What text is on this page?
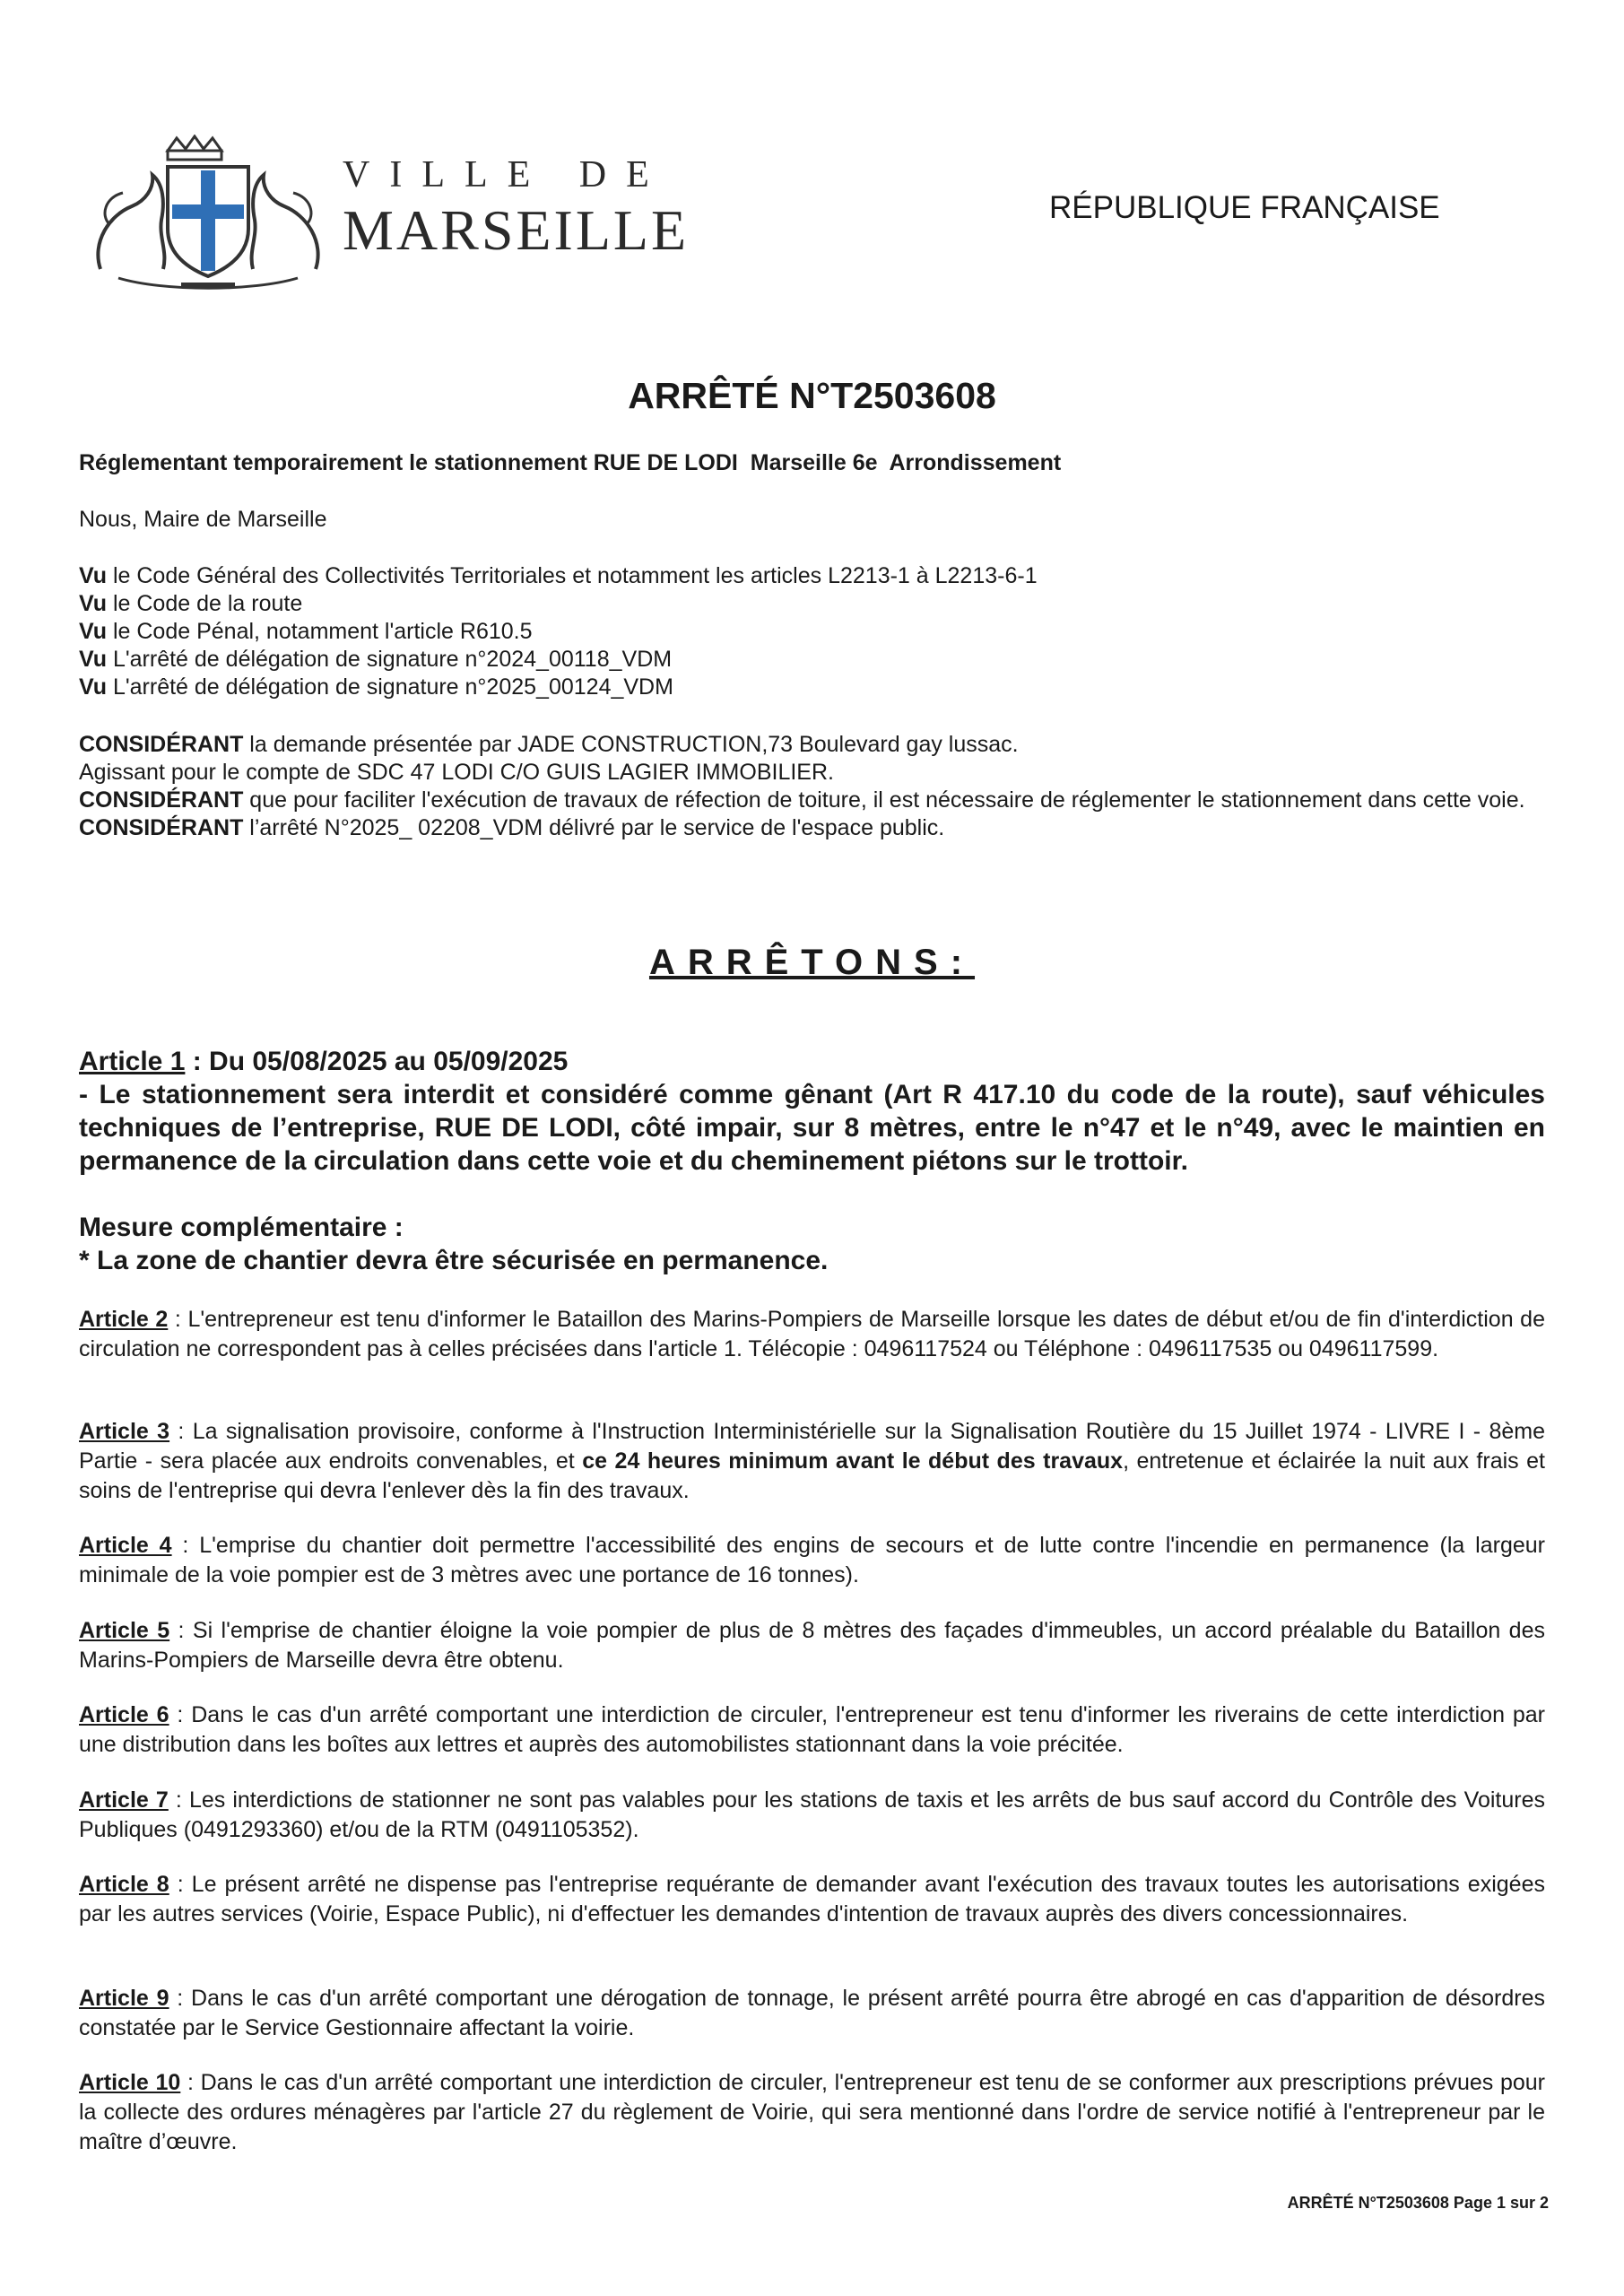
VILLE DE
MARSEILLE	RÉPUBLIQUE FRANÇAISE
ARRÊTÉ N°T2503608
Réglementant temporairement le stationnement RUE DE LODI  Marseille 6e  Arrondissement
Nous, Maire de Marseille

Vu le Code Général des Collectivités Territoriales et notamment les articles L2213-1 à L2213-6-1

Vu le Code de la route

Vu le Code Pénal, notamment l'article R610.5

Vu L'arrêté de délégation de signature n°2024_00118_VDM

Vu L'arrêté de délégation de signature n°2025_00124_VDM

CONSIDÉRANT la demande présentée par JADE CONSTRUCTION,73 Boulevard gay lussac.

Agissant pour le compte de SDC 47 LODI C/O GUIS LAGIER IMMOBILIER.

CONSIDÉRANT que pour faciliter l'exécution de travaux de réfection de toiture, il est nécessaire de réglementer le stationnement dans cette voie.

CONSIDÉRANT l’arrêté N°2025_ 02208_VDM délivré par le service de l'espace public.

ARRÊTONS:
Article 1 : Du 05/08/2025 au 05/09/2025
- Le stationnement sera interdit et considéré comme gênant (Art R 417.10 du code de la route), sauf véhicules techniques de l’entreprise, RUE DE LODI, côté impair, sur 8 mètres, entre le n°47 et le n°49, avec le maintien en permanence de la circulation dans cette voie et du cheminement piétons sur le trottoir.
Mesure complémentaire :
* La zone de chantier devra être sécurisée en permanence.
Article 2 : L'entrepreneur est tenu d'informer le Bataillon des Marins-Pompiers de Marseille lorsque les dates de début et/ou de fin d'interdiction de circulation ne correspondent pas à celles précisées dans l'article 1. Télécopie : 0496117524 ou Téléphone : 0496117535 ou 0496117599.
Article 3 : La signalisation provisoire, conforme à l'Instruction Interministérielle sur la Signalisation Routière du 15 Juillet 1974 - LIVRE I - 8ème Partie - sera placée aux endroits convenables, et ce 24 heures minimum avant le début des travaux, entretenue et éclairée la nuit aux frais et soins de l'entreprise qui devra l'enlever dès la fin des travaux.
Article 4 : L'emprise du chantier doit permettre l'accessibilité des engins de secours et de lutte contre l'incendie en permanence (la largeur minimale de la voie pompier est de 3 mètres avec une portance de 16 tonnes).
Article 5 : Si l'emprise de chantier éloigne la voie pompier de plus de 8 mètres des façades d'immeubles, un accord préalable du Bataillon des Marins-Pompiers de Marseille devra être obtenu.
Article 6 : Dans le cas d'un arrêté comportant une interdiction de circuler, l'entrepreneur est tenu d'informer les riverains de cette interdiction par une distribution dans les boîtes aux lettres et auprès des automobilistes stationnant dans la voie précitée.
Article 7 : Les interdictions de stationner ne sont pas valables pour les stations de taxis et les arrêts de bus sauf accord du Contrôle des Voitures Publiques (0491293360) et/ou de la RTM (0491105352).
Article 8 : Le présent arrêté ne dispense pas l'entreprise requérante de demander avant l'exécution des travaux toutes les autorisations exigées par les autres services (Voirie, Espace Public), ni d'effectuer les demandes d'intention de travaux auprès des divers concessionnaires.
Article 9 : Dans le cas d'un arrêté comportant une dérogation de tonnage, le présent arrêté pourra être abrogé en cas d'apparition de désordres constatée par le Service Gestionnaire affectant la voirie.
Article 10 : Dans le cas d'un arrêté comportant une interdiction de circuler, l'entrepreneur est tenu de se conformer aux prescriptions prévues pour la collecte des ordures ménagères par l'article 27 du règlement de Voirie, qui sera mentionné dans l'ordre de service notifié à l'entrepreneur par le maître d’œuvre.
ARRÊTÉ N°T2503608 Page 1 sur 2
